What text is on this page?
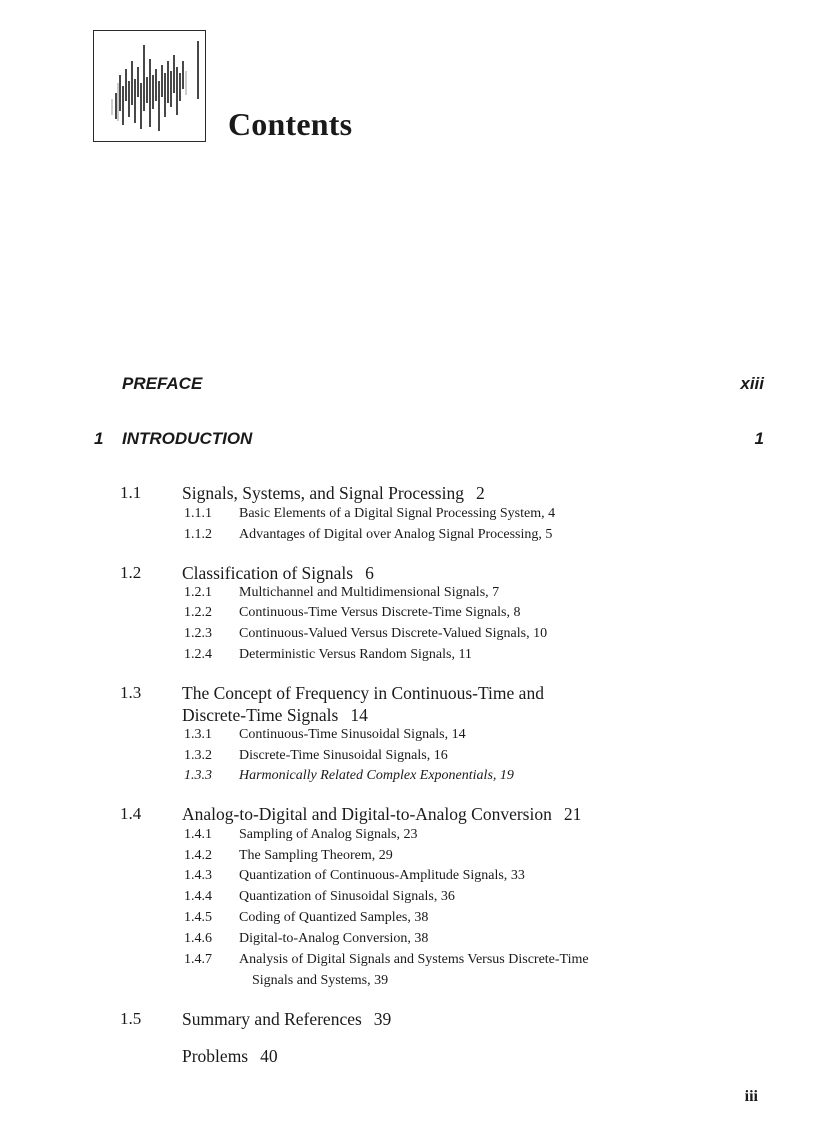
Contents
PREFACE	xiii
1 INTRODUCTION	1
1.1 Signals, Systems, and Signal Processing 2
1.1.1 Basic Elements of a Digital Signal Processing System, 4
1.1.2 Advantages of Digital over Analog Signal Processing, 5
1.2 Classification of Signals 6
1.2.1 Multichannel and Multidimensional Signals, 7
1.2.2 Continuous-Time Versus Discrete-Time Signals, 8
1.2.3 Continuous-Valued Versus Discrete-Valued Signals, 10
1.2.4 Deterministic Versus Random Signals, 11
1.3 The Concept of Frequency in Continuous-Time and
Discrete-Time Signals 14
1.3.1 Continuous-Time Sinusoidal Signals, 14
1.3.2 Discrete-Time Sinusoidal Signals, 16
1.3.3 Harmonically Related Complex Exponentials, 19
1.4 Analog-to-Digital and Digital-to-Analog Conversion 21
1.4.1 Sampling of Analog Signals, 23
1.4.2 The Sampling Theorem, 29
1.4.3 Quantization of Continuous-Amplitude Signals, 33
1.4.4 Quantization of Sinusoidal Signals, 36
1.4.5 Coding of Quantized Samples, 38
1.4.6 Digital-to-Analog Conversion, 38
1.4.7 Analysis of Digital Signals and Systems Versus Discrete-Time
Signals and Systems, 39
1.5 Summary and References 39
Problems 40
iii
